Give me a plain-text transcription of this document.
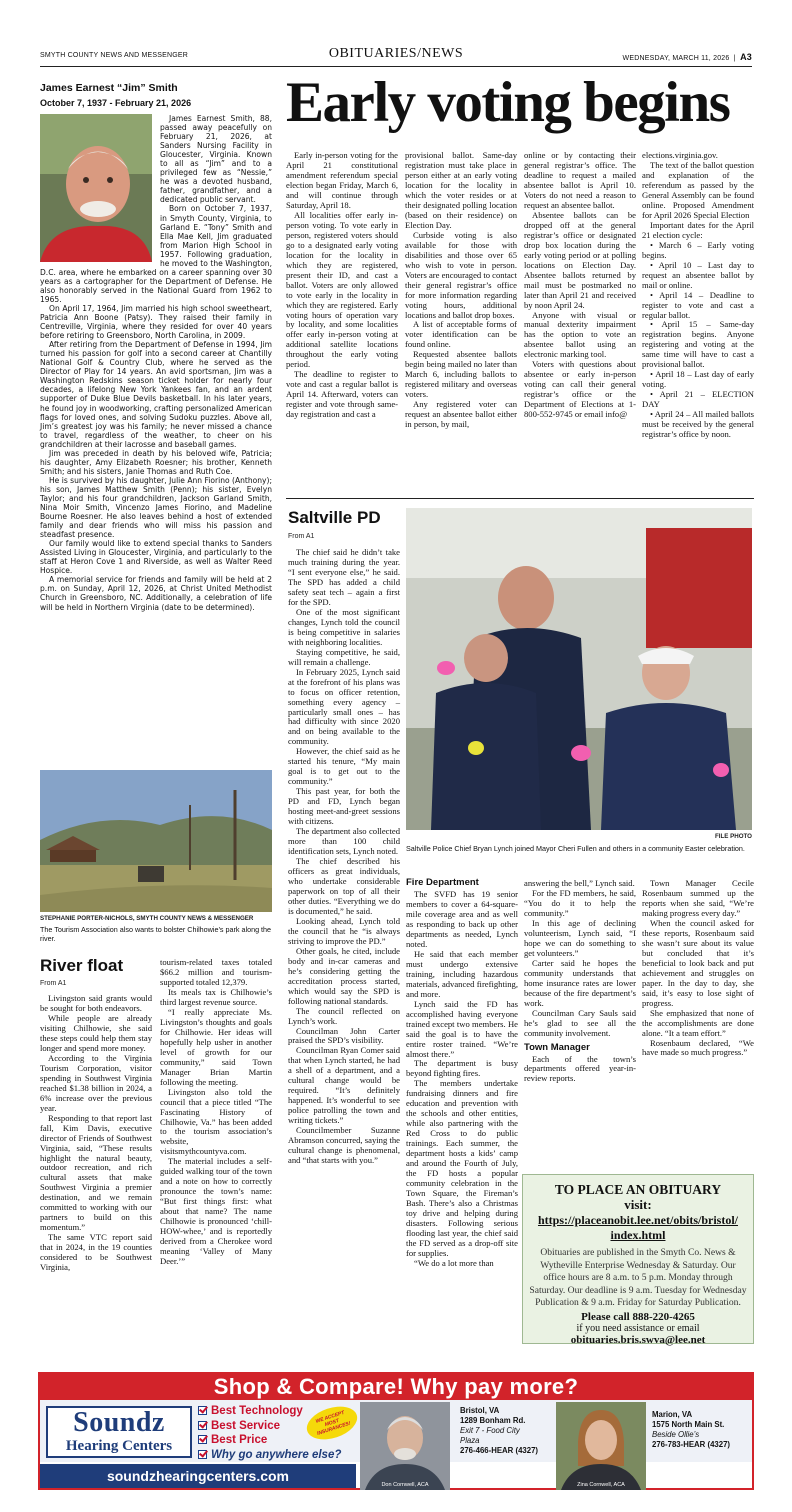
SMYTH COUNTY NEWS AND MESSENGER	OBITUARIES/NEWS	WEDNESDAY, MARCH 11, 2026  |  A3
James Earnest “Jim” Smith
October 7, 1937 - February 21, 2026

James Earnest Smith, 88, passed away peacefully on February 21, 2026, at Sanders Nursing Facility in Gloucester, Virginia. Known to all as “Jim” and to a privileged few as “Nessie,” he was a devoted husband, father, grandfather, and a dedicated public servant.

Born on October 7, 1937, in Smyth County, Virginia, to Garland E. “Tony” Smith and Ella Mae Kell, Jim graduated from Marion High School in 1957. Following graduation, he moved to the Washington, D.C. area, where he embarked on a career spanning over 30 years as a cartographer for the Department of Defense. He also honorably served in the National Guard from 1962 to 1965.

On April 17, 1964, Jim married his high school sweetheart, Patricia Ann Boone (Patsy). They raised their family in Centreville, Virginia, where they resided for over 40 years before retiring to Greensboro, North Carolina, in 2009.

After retiring from the Department of Defense in 1994, Jim turned his passion for golf into a second career at Chantilly National Golf & Country Club, where he served as the Director of Play for 14 years. An avid sportsman, Jim was a Washington Redskins season ticket holder for nearly four decades, a lifelong New York Yankees fan, and an ardent supporter of Duke Blue Devils basketball. In his later years, he found joy in woodworking, crafting personalized American flags for loved ones, and solving Sudoku puzzles. Above all, Jim’s greatest joy was his family; he never missed a chance to travel, regardless of the weather, to cheer on his grandchildren at their lacrosse and baseball games.

Jim was preceded in death by his beloved wife, Patricia; his daughter, Amy Elizabeth Roesner; his brother, Kenneth Smith; and his sisters, Janie Thomas and Ruth Coe.

He is survived by his daughter, Julie Ann Fiorino (Anthony); his son, James Matthew Smith (Penn); his sister, Evelyn Taylor; and his four grandchildren, Jackson Garland Smith, Nina Moir Smith, Vincenzo James Fiorino, and Madeline Bourne Roesner. He also leaves behind a host of extended family and dear friends who will miss his passion and steadfast presence.

Our family would like to extend special thanks to Sanders Assisted Living in Gloucester, Virginia, and particularly to the staff at Heron Cove 1 and Riverside, as well as Walter Reed Hospice.

A memorial service for friends and family will be held at 2 p.m. on Sunday, April 12, 2026, at Christ United Methodist Church in Greensboro, NC. Additionally, a celebration of life will be held in Northern Virginia (date to be determined).

Early voting begins

Early in-person voting for the April 21 constitutional amendment referendum special election began Friday, March 6, and will continue through Saturday, April 18.

All localities offer early in-person voting. To vote early in person, registered voters should go to a designated early voting location for the locality in which they are registered, present their ID, and cast a ballot. Voters are only allowed to vote early in the locality in which they are registered. Early voting hours of operation vary by locality, and some localities offer early in-person voting at additional satellite locations throughout the early voting period.

The deadline to register to vote and cast a regular ballot is April 14. Afterward, voters can register and vote through same-day registration and cast a

provisional ballot. Same-day registration must take place in person either at an early voting location for the locality in which the voter resides or at their designated polling location (based on their residence) on Election Day.

Curbside voting is also available for those with disabilities and those over 65 who wish to vote in person. Voters are encouraged to contact their general registrar’s office for more information regarding voting hours, additional locations and ballot drop boxes.

A list of acceptable forms of voter identification can be found online.

Requested absentee ballots begin being mailed no later than March 6, including ballots to registered military and overseas voters.

Any registered voter can request an absentee ballot either in person, by mail,

online or by contacting their general registrar’s office. The deadline to request a mailed absentee ballot is April 10. Voters do not need a reason to request an absentee ballot.

Absentee ballots can be dropped off at the general registrar’s office or designated drop box location during the early voting period or at polling locations on Election Day. Absentee ballots returned by mail must be postmarked no later than April 21 and received by noon April 24.

Anyone with visual or manual dexterity impairment has the option to vote an absentee ballot using an electronic marking tool.

Voters with questions about absentee or early in-person voting can call their general registrar’s office or the Department of Elections at 1-800-552-9745 or email info@

elections.virginia.gov.

The text of the ballot question and explanation of the referendum as passed by the General Assembly can be found online. Proposed Amendment for April 2026 Special Election

Important dates for the April 21 election cycle:

• March 6 – Early voting begins.

• April 10 – Last day to request an absentee ballot by mail or online.

• April 14 – Deadline to register to vote and cast a regular ballot.

• April 15 – Same-day registration begins. Anyone registering and voting at the same time will have to cast a provisional ballot.

• April 18 – Last day of early voting.

• April 21 – ELECTION DAY

• April 24 – All mailed ballots must be received by the general registrar’s office by noon.

Saltville PD
From A1
FILE PHOTO
Saltville Police Chief Bryan Lynch joined Mayor Cheri Fullen and others in a community Easter celebration.

The chief said he didn’t take much training during the year. “I sent everyone else,” he said. The SPD has added a child safety seat tech – again a first for the SPD.

One of the most significant changes, Lynch told the council is being competitive in salaries with neighboring localities.

Staying competitive, he said, will remain a challenge.

In February 2025, Lynch said at the forefront of his plans was to focus on officer retention, something every agency – particularly small ones – has had difficulty with since 2020 and on being available to the community.

However, the chief said as he started his tenure, “My main goal is to get out to the community.”

This past year, for both the PD and FD, Lynch began hosting meet-and-greet sessions with citizens.

The department also collected more than 100 child identification sets, Lynch noted.

The chief described his officers as great individuals, who undertake considerable paperwork on top of all their other duties. “Everything we do is documented,” he said.

Looking ahead, Lynch told the council that he “is always striving to improve the PD.”

Other goals, he cited, include body and in-car cameras and he’s considering getting the accreditation process started, which would say the SPD is following national standards.

The council reflected on Lynch’s work.

Councilman John Carter praised the SPD’s visibility.

Councilman Ryan Comer said that when Lynch started, he had a shell of a department, and a cultural change would be required. “It’s definitely happened. It’s wonderful to see police patrolling the town and writing tickets.”

Councilmember Suzanne Abramson concurred, saying the cultural change is phenomenal, and “that starts with you.”

Fire Department

The SVFD has 19 senior members to cover a 64-square-mile coverage area and as well as responding to back up other departments as needed, Lynch noted.

He said that each member must undergo extensive training, including hazardous materials, advanced firefighting, and more.

Lynch said the FD has accomplished having everyone trained except two members. He said the goal is to have the entire roster trained. “We’re almost there.”

The department is busy beyond fighting fires.

The members undertake fundraising dinners and fire education and prevention with the schools and other entities, while also partnering with the Red Cross to do public trainings. Each summer, the department hosts a kids’ camp and around the Fourth of July, the FD hosts a popular community celebration in the Town Square, the Fireman’s Bash. There’s also a Christmas toy drive and helping during disasters. Following serious flooding last year, the chief said the FD served as a drop-off site for supplies.

“We do a lot more than

answering the bell,” Lynch said.

For the FD members, he said, “You do it to help the community.”

In this age of declining volunteerism, Lynch said, “I hope we can do something to get volunteers.”

Carter said he hopes the community understands that home insurance rates are lower because of the fire department’s work.

Councilman Cary Sauls said he’s glad to see all the community involvement.

Town Manager

Each of the town’s departments offered year-in-review reports.

Town Manager Cecile Rosenbaum summed up the reports when she said, “We’re making progress every day.”

When the council asked for these reports, Rosenbaum said she wasn’t sure about its value but concluded that it’s beneficial to look back and put achievement and struggles on paper. In the day to day, she said, it’s easy to lose sight of progress.

She emphasized that none of the accomplishments are done alone. “It a team effort.”

Rosenbaum declared, “We have made so much progress.”

STEPHANIE PORTER-NICHOLS, SMYTH COUNTY NEWS & MESSENGER
The Tourism Association also wants to bolster Chilhowie’s park along the river.
River float
From A1

Livingston said grants would be sought for both endeavors.

While people are already visiting Chilhowie, she said these steps could help them stay longer and spend more money.

According to the Virginia Tourism Corporation, visitor spending in Southwest Virginia reached $1.38 billion in 2024, a 6% increase over the previous year.

Responding to that report last fall, Kim Davis, executive director of Friends of Southwest Virginia, said, “These results highlight the natural beauty, outdoor recreation, and rich cultural assets that make Southwest Virginia a premier destination, and we remain committed to working with our partners to build on this momentum.”

The same VTC report said that in 2024, in the 19 counties considered to be Southwest Virginia,

tourism-related taxes totaled $66.2 million and tourism-supported totaled 12,379.

Its meals tax is Chilhowie’s third largest revenue source.

“I really appreciate Ms. Livingston’s thoughts and goals for Chilhowie. Her ideas will hopefully help usher in another level of growth for our community,” said Town Manager Brian Martin following the meeting.

Livingston also told the council that a piece titled “The Fascinating History of Chilhowie, Va.” has been added to the tourism association’s website, visitsmythcountyva.com.

The material includes a self-guided walking tour of the town and a note on how to correctly pronounce the town’s name: “But first things first: what about that name? The name Chilhowie is pronounced ‘chill-HOW-whee,’ and is reportedly derived from a Cherokee word meaning ‘Valley of Many Deer.’”

TO PLACE AN OBITUARY
visit:
https://placeanobit.lee.net/obits/bristol/index.html
Obituaries are published in the Smyth Co. News & Wytheville Enterprise Wednesday & Saturday. Our office hours are 8 a.m. to 5 p.m. Monday through Saturday. Our deadline is 9 a.m. Tuesday for Wednesday Publication & 9 a.m. Friday for Saturday Publication.
Please call 888-220-4265
if you need assistance or email
obituaries.bris.swva@lee.net
Shop & Compare! Why pay more?
Soundz
Hearing Centers
Best Technology
Best Service
Best Price
Why go anywhere else?
WE ACCEPT MOST INSURANCES!
Don Cornwell, ACA
Bristol, VA
1289 Bonham Rd.
Exit 7 - Food City
Plaza
276-466-HEAR (4327)
Zina Cornwell, ACA
Marion, VA
1575 North Main St.
Beside Ollie’s
276-783-HEAR (4327)
soundzhearingcenters.com
